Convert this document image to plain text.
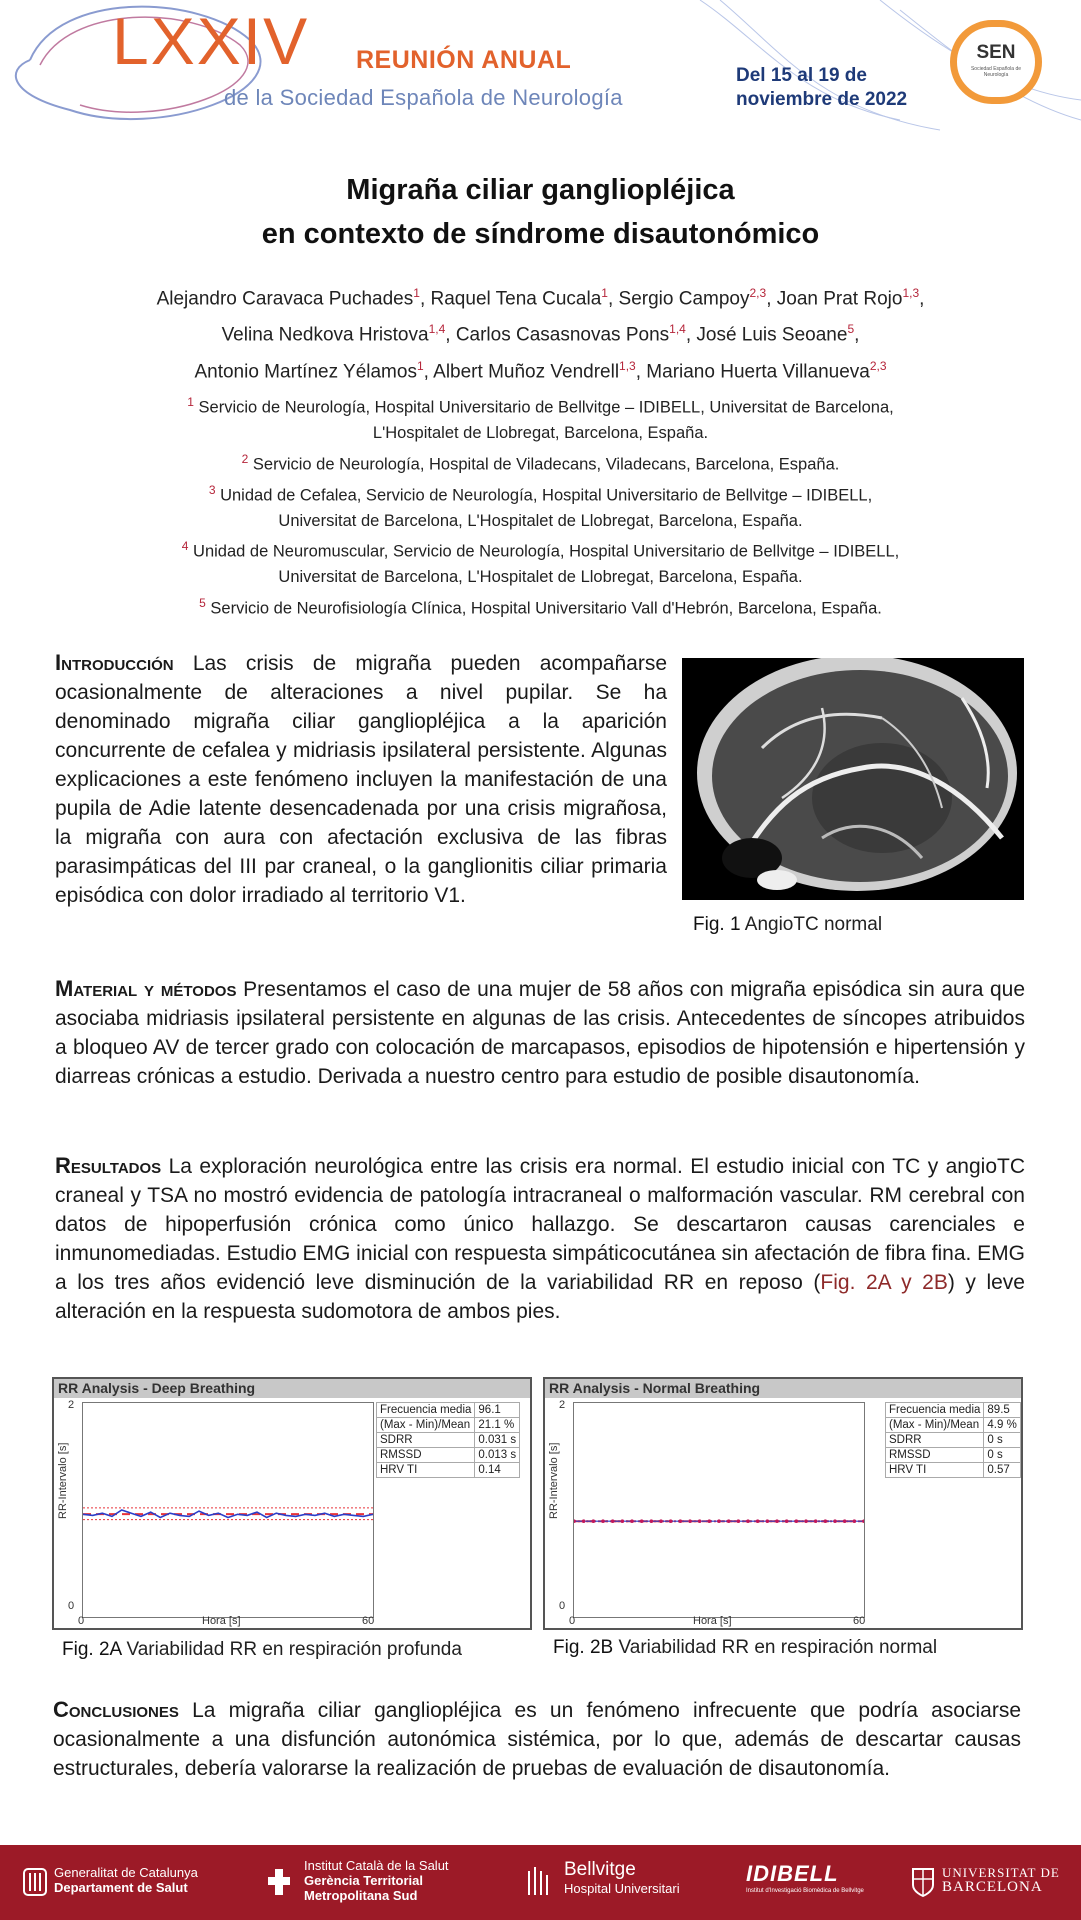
LXXIV REUNIÓN ANUAL
de la Sociedad Española de Neurología
Del 15 al 19 de
noviembre de 2022
SEN
Sociedad Española de Neurología
Migraña ciliar gangliopléjica
en contexto de síndrome disautonómico
Alejandro Caravaca Puchades$^1$, Raquel Tena Cucala$^1$, Sergio Campoy$^{2,3}$, Joan Prat Rojo$^{1,3}$,
Velina Nedkova Hristova$^{1,4}$, Carlos Casasnovas Pons$^{1,4}$, José Luis Seoane$^5$,
Antonio Martínez Yélamos$^1$, Albert Muñoz Vendrell$^{1,3}$, Mariano Huerta Villanueva$^{2,3}$
$^1$ Servicio de Neurología, Hospital Universitario de Bellvitge – IDIBELL, Universitat de Barcelona,
L'Hospitalet de Llobregat, Barcelona, España.
$^2$ Servicio de Neurología, Hospital de Viladecans, Viladecans, Barcelona, España.
$^3$ Unidad de Cefalea, Servicio de Neurología, Hospital Universitario de Bellvitge – IDIBELL,
Universitat de Barcelona, L'Hospitalet de Llobregat, Barcelona, España.
$^4$ Unidad de Neuromuscular, Servicio de Neurología, Hospital Universitario de Bellvitge – IDIBELL,
Universitat de Barcelona, L'Hospitalet de Llobregat, Barcelona, España.
$^5$ Servicio de Neurofisiología Clínica, Hospital Universitario Vall d'Hebrón, Barcelona, España.
Introducción Las crisis de migraña pueden acompañarse ocasionalmente de alteraciones a nivel pupilar. Se ha denominado migraña ciliar gangliopléjica a la aparición concurrente de cefalea y midriasis ipsilateral persistente. Algunas explicaciones a este fenómeno incluyen la manifestación de una pupila de Adie latente desencadenada por una crisis migrañosa, la migraña con aura con afectación exclusiva de las fibras parasimpáticas del III par craneal, o la ganglionitis ciliar primaria episódica con dolor irradiado al territorio V1.
Fig. 1 AngioTC normal
Material y métodos Presentamos el caso de una mujer de 58 años con migraña episódica sin aura que asociaba midriasis ipsilateral persistente en algunas de las crisis. Antecedentes de síncopes atribuidos a bloqueo AV de tercer grado con colocación de marcapasos, episodios de hipotensión e hipertensión y diarreas crónicas a estudio. Derivada a nuestro centro para estudio de posible disautonomía.
Resultados La exploración neurológica entre las crisis era normal. El estudio inicial con TC y angioTC craneal y TSA no mostró evidencia de patología intracraneal o malformación vascular. RM cerebral con datos de hipoperfusión crónica como único hallazgo. Se descartaron causas carenciales e inmunomediadas. Estudio EMG inicial con respuesta simpáticocutánea sin afectación de fibra fina. EMG a los tres años evidenció leve disminución de la variabilidad RR en reposo (Fig. 2A y 2B) y leve alteración en la respuesta sudomotora de ambos pies.
RR Analysis - Deep Breathing
RR-Intervalo [s]
2
0
0	60
Hora [s]
Frecuencia media	96.1
(Max - Min)/Mean	21.1 %
SDRR	0.031 s
RMSSD	0.013 s
HRV TI	0.14
RR Analysis - Normal Breathing
RR-Intervalo [s]
2
0
0	60
Hora [s]
Frecuencia media	89.5
(Max - Min)/Mean	4.9 %
SDRR	0 s
RMSSD	0 s
HRV TI	0.57
Fig. 2A Variabilidad RR en respiración profunda	Fig. 2B Variabilidad RR en respiración normal
Conclusiones La migraña ciliar gangliopléjica es un fenómeno infrecuente que podría asociarse ocasionalmente a una disfunción autonómica sistémica, por lo que, además de descartar causas estructurales, debería valorarse la realización de pruebas de evaluación de disautonomía.
Generalitat de Catalunya
Departament de Salut
Institut Català de la Salut
Gerència Territorial
Metropolitana Sud
Bellvitge
Hospital Universitari
IDIBELL
Institut d'Investigació Biomèdica de Bellvitge
UNIVERSITAT DE
BARCELONA
